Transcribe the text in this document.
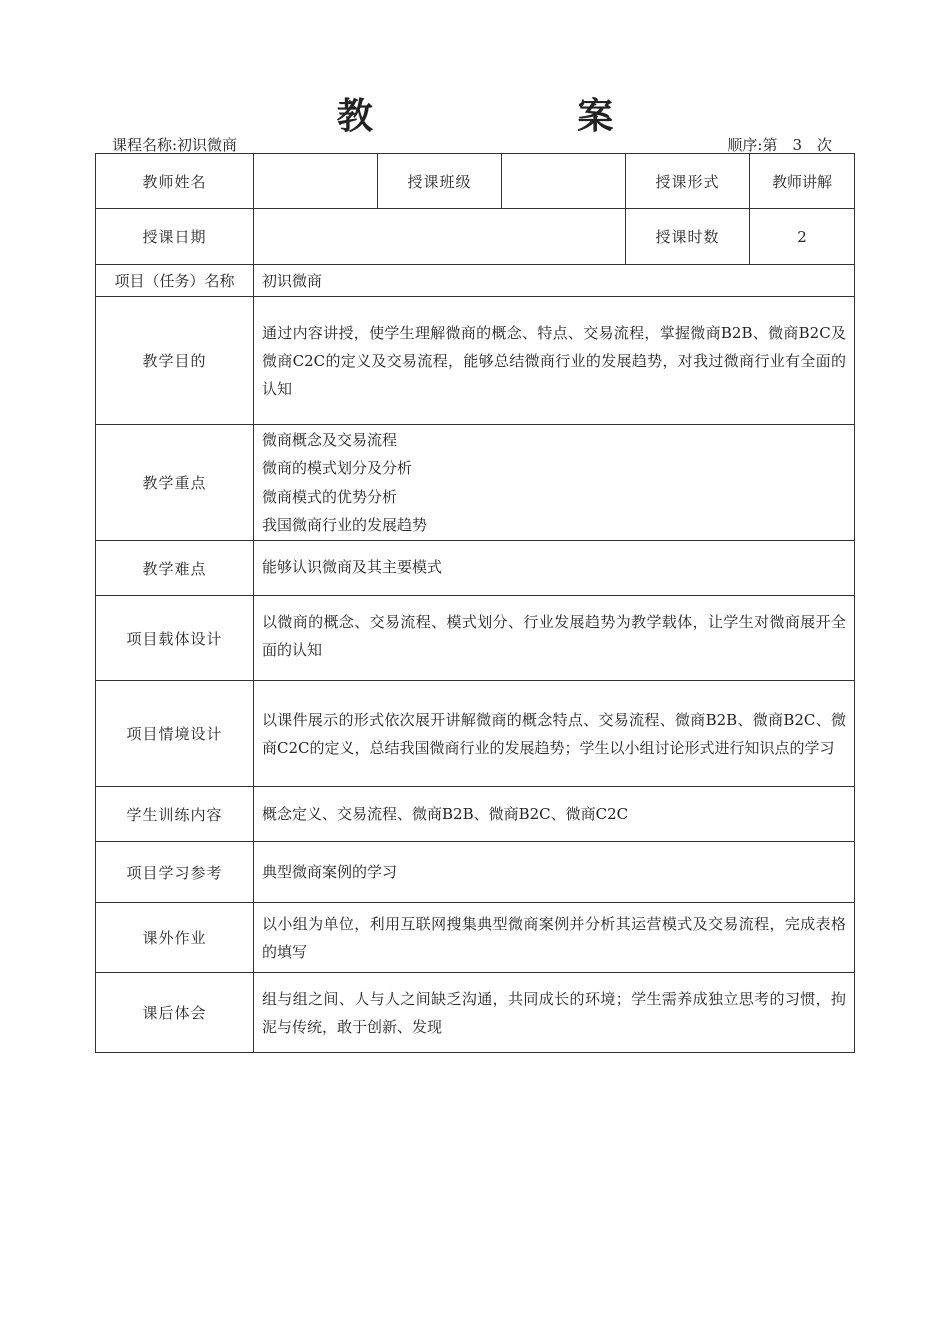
教 案
课程名称:初识微商	顺序:第　3　次
教师姓名		授课班级		授课形式	教师讲解
授课日期				授课时数	2
项目（任务）名称	初识微商				
教学目的	通过内容讲授，使学生理解微商的概念、特点、交易流程，掌握微商B2B、微商B2C及微商C2C的定义及交易流程，能够总结微商行业的发展趋势，对我过微商行业有全面的认知				
教学重点	微商概念及交易流程
微商的模式划分及分析
微商模式的优势分析
我国微商行业的发展趋势				

教学难点	能够认识微商及其主要模式				
项目载体设计	以微商的概念、交易流程、模式划分、行业发展趋势为教学载体，让学生对微商展开全面的认知				
项目情境设计	以课件展示的形式依次展开讲解微商的概念特点、交易流程、微商B2B、微商B2C、微商C2C的定义，总结我国微商行业的发展趋势；学生以小组讨论形式进行知识点的学习				
学生训练内容	概念定义、交易流程、微商B2B、微商B2C、微商C2C				
项目学习参考	典型微商案例的学习				
课外作业	以小组为单位，利用互联网搜集典型微商案例并分析其运营模式及交易流程，完成表格的填写				
课后体会	组与组之间、人与人之间缺乏沟通，共同成长的环境；学生需养成独立思考的习惯，拘泥与传统，敢于创新、发现				
